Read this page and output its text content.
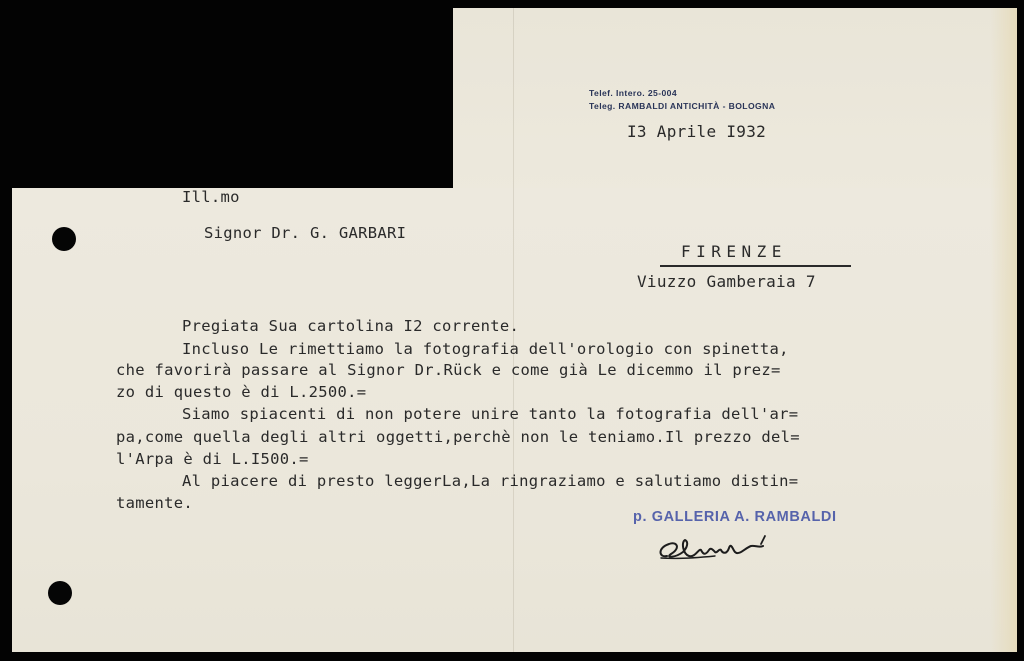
Telef. Intero. 25-004
Teleg. RAMBALDI ANTICHITÀ - BOLOGNA
I3 Aprile I932
Ill.mo
Signor Dr. G. GARBARI
FIRENZE
Viuzzo Gamberaia 7
Pregiata Sua cartolina I2 corrente.
Incluso Le rimettiamo la fotografia dell'orologio con spinetta,
che favorirà passare al Signor Dr.Rück e come già Le dicemmo il prez=
zo di questo è di L.2500.=
Siamo spiacenti di non potere unire tanto la fotografia dell'ar=
pa,come quella degli altri oggetti,perchè non le teniamo.Il prezzo del=
l'Arpa è di L.I500.=
Al piacere di presto leggerLa,La ringraziamo e salutiamo distin=
tamente.
p. GALLERIA A. RAMBALDI
